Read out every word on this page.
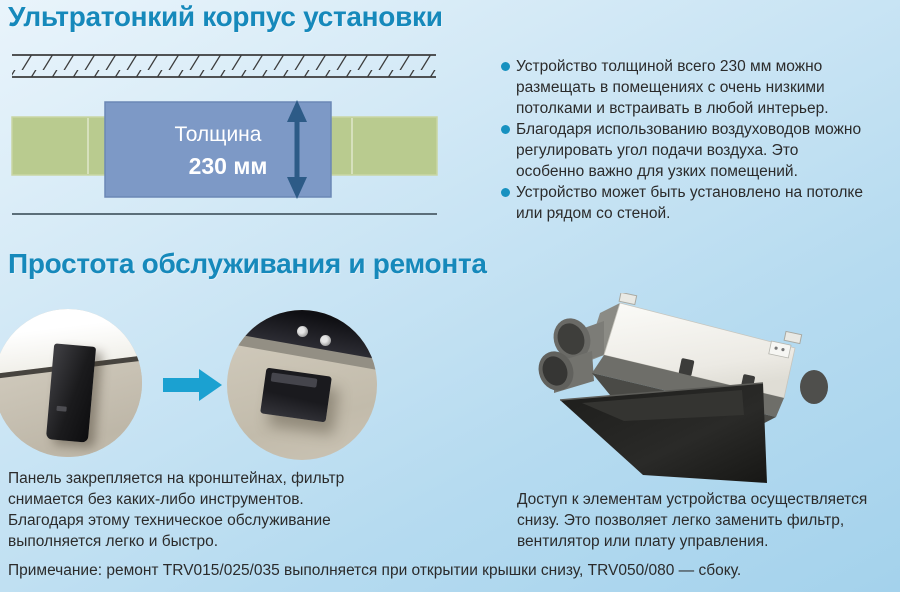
Ультратонкий корпус установки
Толщина
230 мм
Устройство толщиной всего 230 мм можно размещать в помещениях с очень низкими потолками и встраивать в любой интерьер.
Благодаря использованию воздуховодов можно регулировать угол подачи воздуха. Это особенно важно для узких помещений.
Устройство может быть установлено на потолке или рядом со стеной.
Простота обслуживания и ремонта

Панель закрепляется на кронштейнах, фильтр снимается без каких-либо инструментов. Благодаря этому техническое обслуживание выполняется легко и быстро.

Доступ к элементам устройства осуществляется снизу. Это позволяет легко заменить фильтр, вентилятор или плату управления.

Примечание: ремонт TRV015/025/035 выполняется при открытии крышки снизу, TRV050/080 — сбоку.
